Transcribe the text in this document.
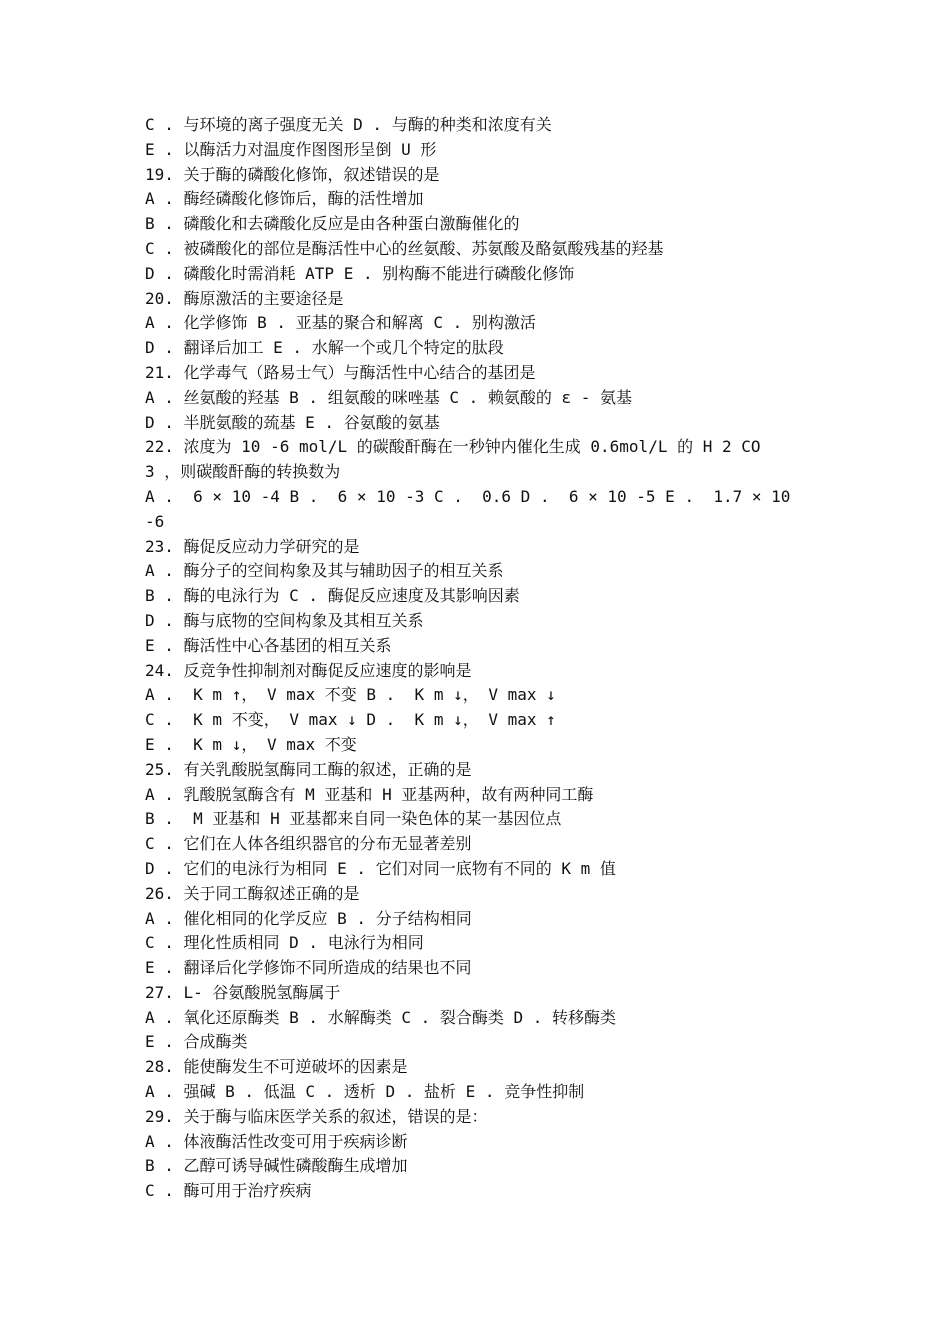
C . 与环境的离子强度无关 D . 与酶的种类和浓度有关
E . 以酶活力对温度作图图形呈倒 U 形
19. 关于酶的磷酸化修饰，叙述错误的是
A . 酶经磷酸化修饰后，酶的活性增加
B . 磷酸化和去磷酸化反应是由各种蛋白激酶催化的
C . 被磷酸化的部位是酶活性中心的丝氨酸、苏氨酸及酪氨酸残基的羟基
D . 磷酸化时需消耗 ATP E . 别构酶不能进行磷酸化修饰
20. 酶原激活的主要途径是
A . 化学修饰 B . 亚基的聚合和解离 C . 别构激活
D . 翻译后加工 E . 水解一个或几个特定的肽段
21. 化学毒气（路易士气）与酶活性中心结合的基团是
A . 丝氨酸的羟基 B . 组氨酸的咪唑基 C . 赖氨酸的 ε - 氨基
D . 半胱氨酸的巯基 E . 谷氨酸的氨基
22. 浓度为 10 -6 mol/L 的碳酸酐酶在一秒钟内催化生成 0.6mol/L 的 H 2 CO
3 ，则碳酸酐酶的转换数为
A .  6 × 10 -4 B .  6 × 10 -3 C .  0.6 D .  6 × 10 -5 E .  1.7 × 10
-6
23. 酶促反应动力学研究的是
A . 酶分子的空间构象及其与辅助因子的相互关系
B . 酶的电泳行为 C . 酶促反应速度及其影响因素
D . 酶与底物的空间构象及其相互关系
E . 酶活性中心各基团的相互关系
24. 反竞争性抑制剂对酶促反应速度的影响是
A .  K m ↑， V max 不变 B .  K m ↓， V max ↓
C .  K m 不变， V max ↓ D .  K m ↓， V max ↑
E .  K m ↓， V max 不变
25. 有关乳酸脱氢酶同工酶的叙述，正确的是
A . 乳酸脱氢酶含有 M 亚基和 H 亚基两种，故有两种同工酶
B .  M 亚基和 H 亚基都来自同一染色体的某一基因位点
C . 它们在人体各组织器官的分布无显著差别
D . 它们的电泳行为相同 E . 它们对同一底物有不同的 K m 值
26. 关于同工酶叙述正确的是
A . 催化相同的化学反应 B . 分子结构相同
C . 理化性质相同 D . 电泳行为相同
E . 翻译后化学修饰不同所造成的结果也不同
27. L- 谷氨酸脱氢酶属于
A . 氧化还原酶类 B . 水解酶类 C . 裂合酶类 D . 转移酶类
E . 合成酶类
28. 能使酶发生不可逆破坏的因素是
A . 强碱 B . 低温 C . 透析 D . 盐析 E . 竞争性抑制
29. 关于酶与临床医学关系的叙述，错误的是：
A . 体液酶活性改变可用于疾病诊断
B . 乙醇可诱导碱性磷酸酶生成增加
C . 酶可用于治疗疾病
